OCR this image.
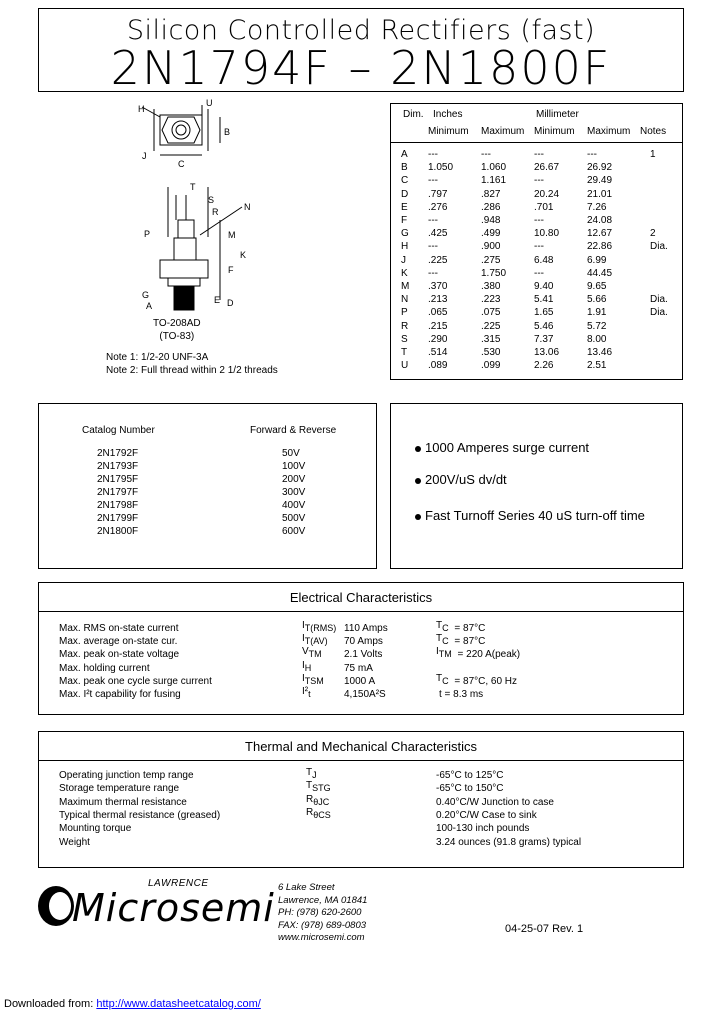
Silicon Controlled Rectifiers (fast)
2N1794F – 2N1800F
H
U
B
J
C
T
S
R	N
P	M
K
F
G
A
E D
TO-208AD
(TO-83)
Note 1: 1/2-20 UNF-3A
Note 2: Full thread within 2 1/2 threads
Dim. Inches	Millimeter
Minimum Maximum Minimum Maximum Notes
A ---	---	---	---	1
B 1.050	1.060	26.67	26.92
C ---	1.161	---	29.49
D .797	.827	20.24	21.01
E .276	.286	.701	7.26
F ---	.948	---	24.08
G .425	.499	10.80	12.67	2
H ---	.900	---	22.86	Dia.
J .225	.275	6.48	6.99
K ---	1.750	---	44.45
M .370	.380	9.40	9.65
N .213	.223	5.41	5.66	Dia.
P .065	.075	1.65	1.91	Dia.
R .215	.225	5.46	5.72
S .290	.315	7.37	8.00
T .514	.530	13.06	13.46
U .089	.099	2.26	2.51
Catalog Number	Forward & Reverse
2N1792F	50V
2N1793F	100V
2N1795F	200V
2N1797F	300V
2N1798F	400V
2N1799F	500V
2N1800F	600V
1000 Amperes surge current
200V/uS dv/dt
Fast Turnoff Series 40 uS turn-off time
Electrical Characteristics
Max. RMS on-state current	IT(RMS) 110 Amps	TC = 87°C
Max. average on-state cur.	IT(AV) 70 Amps	TC = 87°C
Max. peak on-state voltage	VTM 2.1 Volts	ITM = 220 A(peak)
Max. holding current	IH	75 mA
Max. peak one cycle surge current	ITSM 1000 A	TC = 87°C, 60 Hz
Max. I²t capability for fusing	I²t	4,150A²S	t = 8.3 ms
Thermal and Mechanical Characteristics
Operating junction temp range	TJ	-65°C to 125°C
Storage temperature range	TSTG	-65°C to 150°C
Maximum thermal resistance	RθJC	0.40°C/W Junction to case
Typical thermal resistance (greased)	RθCS	0.20°C/W Case to sink
Mounting torque	100-130 inch pounds
Weight	3.24 ounces (91.8 grams) typical
LAWRENCE
Microsemi 6 Lake Street
Lawrence, MA 01841
PH: (978) 620-2600
FAX: (978) 689-0803
www.microsemi.com
04-25-07 Rev. 1
Downloaded from: http://www.datasheetcatalog.com/
